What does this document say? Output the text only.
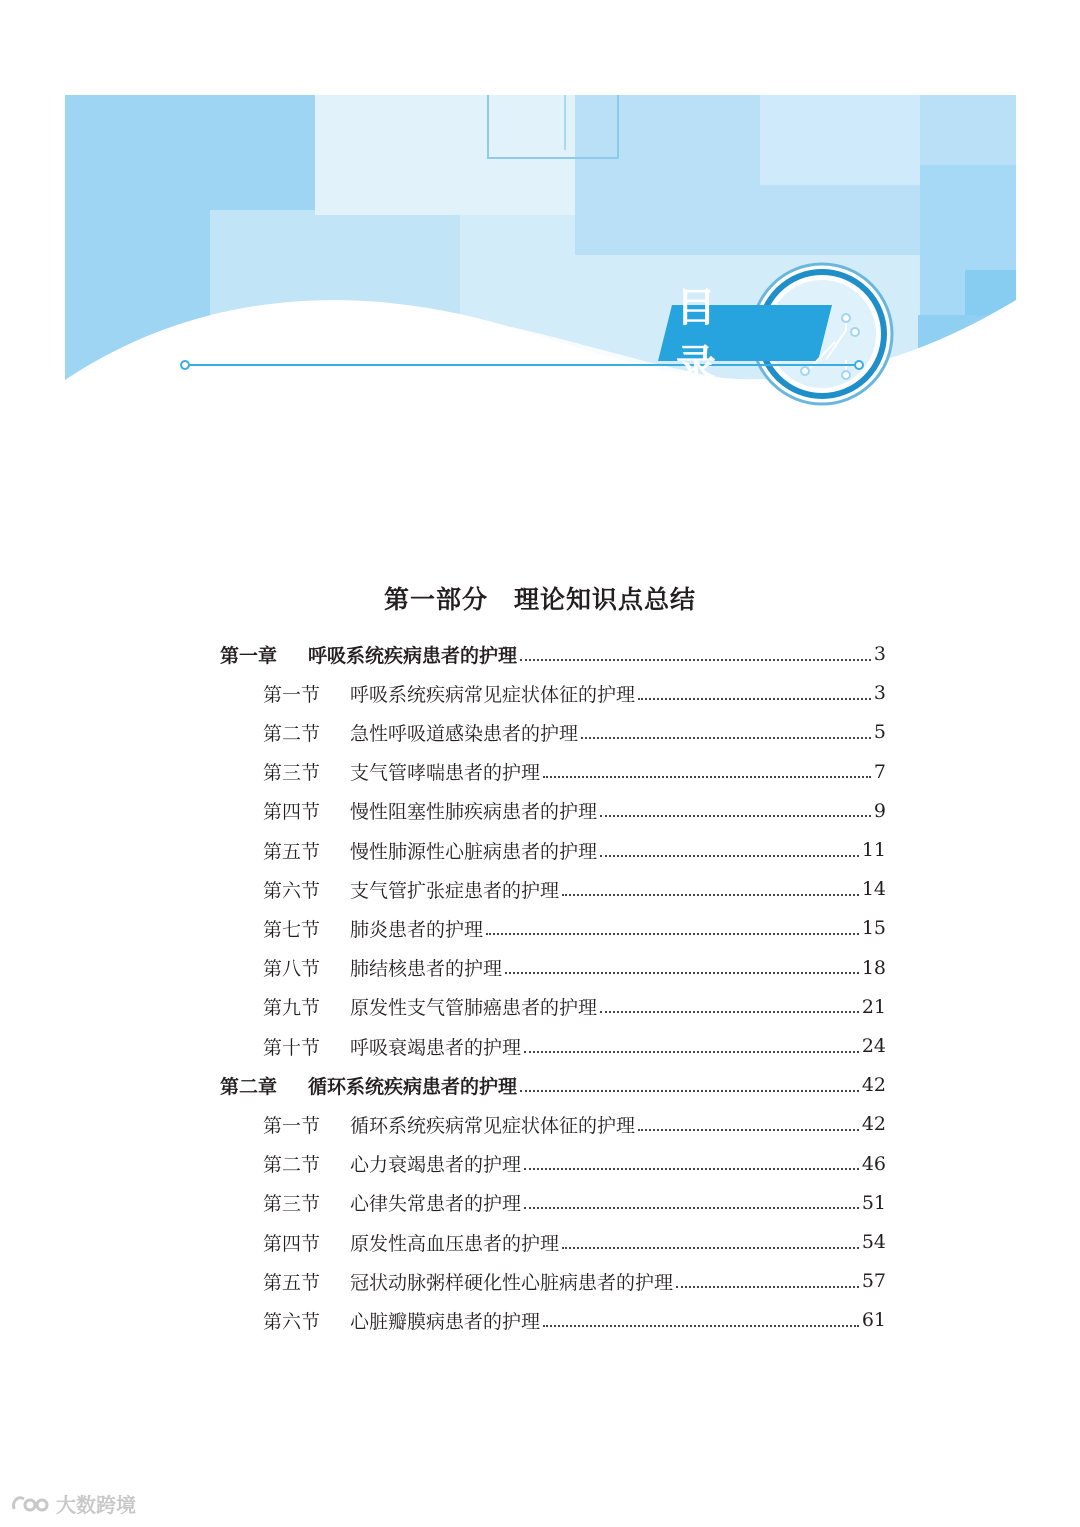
目
第一部分　理论知识点总结
第一章	呼吸系统疾病患者的护理	3
第一节	呼吸系统疾病常见症状体征的护理	3
第二节	急性呼吸道感染患者的护理	5
第三节	支气管哮喘患者的护理	7
第四节	慢性阻塞性肺疾病患者的护理	9
第五节	慢性肺源性心脏病患者的护理	11
第六节	支气管扩张症患者的护理	14
第七节	肺炎患者的护理	15
第八节	肺结核患者的护理	18
第九节	原发性支气管肺癌患者的护理	21
第十节	呼吸衰竭患者的护理	24
第二章	循环系统疾病患者的护理	42
第一节	循环系统疾病常见症状体征的护理	42
第二节	心力衰竭患者的护理	46
第三节	心律失常患者的护理	51
第四节	原发性高血压患者的护理	54
第五节	冠状动脉粥样硬化性心脏病患者的护理	57
第六节	心脏瓣膜病患者的护理	61
大数跨境
